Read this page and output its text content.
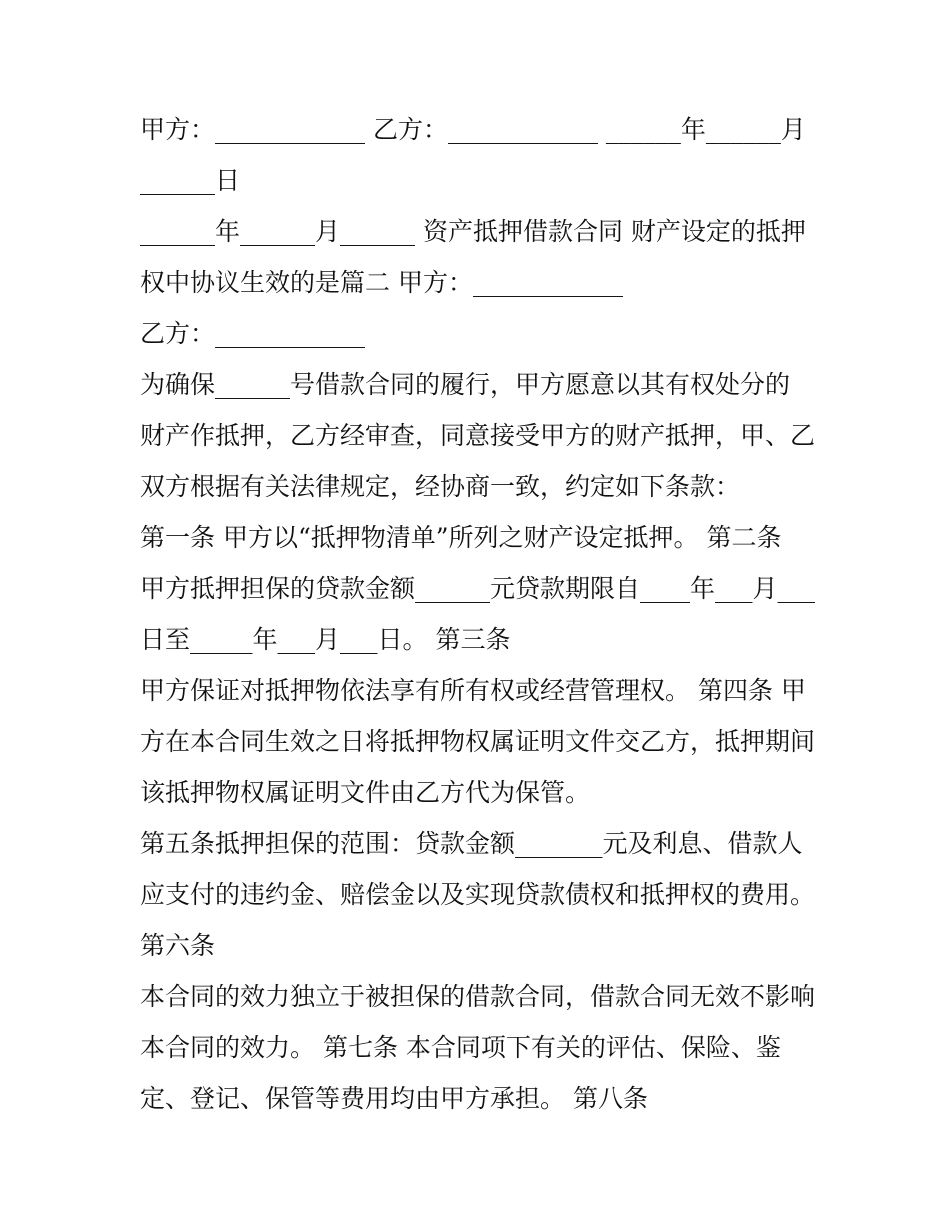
甲方：____________ 乙方：____________ ______年______月
______日
______年______月______ 资产抵押借款合同 财产设定的抵押
权中协议生效的是篇二 甲方：____________
乙方：____________
为确保______号借款合同的履行，甲方愿意以其有权处分的
财产作抵押，乙方经审查，同意接受甲方的财产抵押，甲、乙
双方根据有关法律规定，经协商一致，约定如下条款：
第一条 甲方以“抵押物清单”所列之财产设定抵押。 第二条
甲方抵押担保的贷款金额______元贷款期限自____年___月___
日至_____年___月___日。 第三条
甲方保证对抵押物依法享有所有权或经营管理权。 第四条 甲
方在本合同生效之日将抵押物权属证明文件交乙方，抵押期间
该抵押物权属证明文件由乙方代为保管。
第五条抵押担保的范围：贷款金额_______元及利息、借款人
应支付的违约金、赔偿金以及实现贷款债权和抵押权的费用。
第六条
本合同的效力独立于被担保的借款合同，借款合同无效不影响
本合同的效力。 第七条 本合同项下有关的评估、保险、鉴
定、登记、保管等费用均由甲方承担。 第八条
